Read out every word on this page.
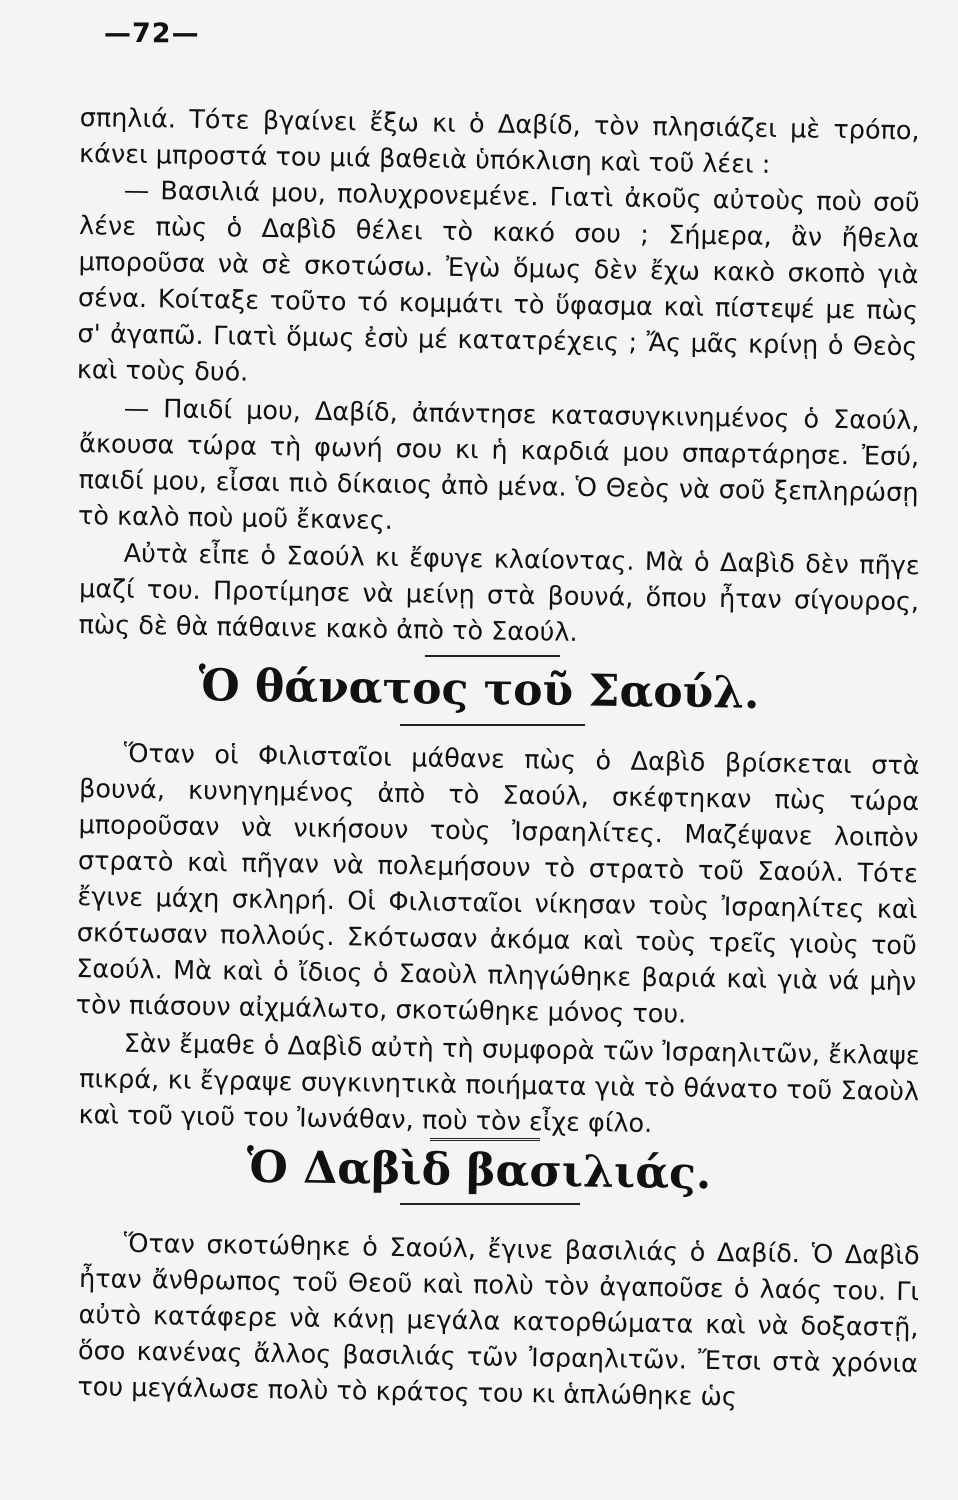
—72—

σπηλιά. Τότε βγαίνει ἔξω κι ὁ Δαβίδ, τὸν πλησιάζει μὲ τρόπο, κάνει μπροστά του μιά βαθειὰ ὑπόκλιση καὶ τοῦ λέει :

— Βασιλιά μου, πολυχρονεμένε. Γιατὶ ἀκοῦς αὐτοὺς ποὺ σοῦ λένε πὼς ὁ Δαβὶδ θέλει τὸ κακό σου ; Σήμερα, ἂν ἤθελα μποροῦσα νὰ σὲ σκοτώσω. Ἐγὼ ὅμως δὲν ἔχω κακὸ σκοπὸ γιὰ σένα. Κοίταξε τοῦτο τό κομμάτι τὸ ὕφασμα καὶ πίστεψέ με πὼς σ' ἀγαπῶ. Γιατὶ ὅμως ἐσὺ μέ κατατρέχεις ; Ἄς μᾶς κρίνῃ ὁ Θεὸς καὶ τοὺς δυό.

— Παιδί μου, Δαβίδ, ἀπάντησε κατασυγκινημένος ὁ Σαούλ, ἄκουσα τώρα τὴ φωνή σου κι ἡ καρδιά μου σπαρτάρησε. Ἐσύ, παιδί μου, εἶσαι πιὸ δίκαιος ἀπὸ μένα. Ὁ Θεὸς νὰ σοῦ ξεπληρώσῃ τὸ καλὸ ποὺ μοῦ ἔκανες.

Αὐτὰ εἶπε ὁ Σαούλ κι ἔφυγε κλαίοντας. Μὰ ὁ Δαβὶδ δὲν πῆγε μαζί του. Προτίμησε νὰ μείνῃ στὰ βουνά, ὅπου ἦταν σίγουρος, πὼς δὲ θὰ πάθαινε κακὸ ἀπὸ τὸ Σαούλ.

Ὁ θάνατος τοῦ Σαούλ.

Ὅταν οἱ Φιλισταῖοι μάθανε πὼς ὁ Δαβὶδ βρίσκεται στὰ βουνά, κυνηγημένος ἀπὸ τὸ Σαούλ, σκέφτηκαν πὼς τώρα μποροῦσαν νὰ νικήσουν τοὺς Ἰσραηλίτες. Μαζέψανε λοιπὸν στρατὸ καὶ πῆγαν νὰ πολεμήσουν τὸ στρατὸ τοῦ Σαούλ. Τότε ἔγινε μάχη σκληρή. Οἱ Φιλισταῖοι νίκησαν τοὺς Ἰσραηλίτες καὶ σκότωσαν πολλούς. Σκότωσαν ἀκόμα καὶ τοὺς τρεῖς γιοὺς τοῦ Σαούλ. Μὰ καὶ ὁ ἴδιος ὁ Σαοὺλ πληγώθηκε βαριά καὶ γιὰ νά μὴν τὸν πιάσουν αἰχμάλωτο, σκοτώθηκε μόνος του.

Σὰν ἔμαθε ὁ Δαβὶδ αὐτὴ τὴ συμφορὰ τῶν Ἰσραηλιτῶν, ἔκλαψε πικρά, κι ἔγραψε συγκινητικὰ ποιήματα γιὰ τὸ θάνατο τοῦ Σαοὺλ καὶ τοῦ γιοῦ του Ἰωνάθαν, ποὺ τὸν εἶχε φίλο.

Ὁ Δαβὶδ βασιλιάς.

Ὅταν σκοτώθηκε ὁ Σαούλ, ἔγινε βασιλιάς ὁ Δαβίδ. Ὁ Δαβὶδ ἦταν ἄνθρωπος τοῦ Θεοῦ καὶ πολὺ τὸν ἀγαποῦσε ὁ λαός του. Γι αὐτὸ κατάφερε νὰ κάνῃ μεγάλα κατορθώματα καὶ νὰ δοξαστῇ, ὅσο κανένας ἄλλος βασιλιάς τῶν Ἰσραηλιτῶν. Ἔτσι στὰ χρόνια του μεγάλωσε πολὺ τὸ κράτος του κι ἁπλώθηκε ὡς
